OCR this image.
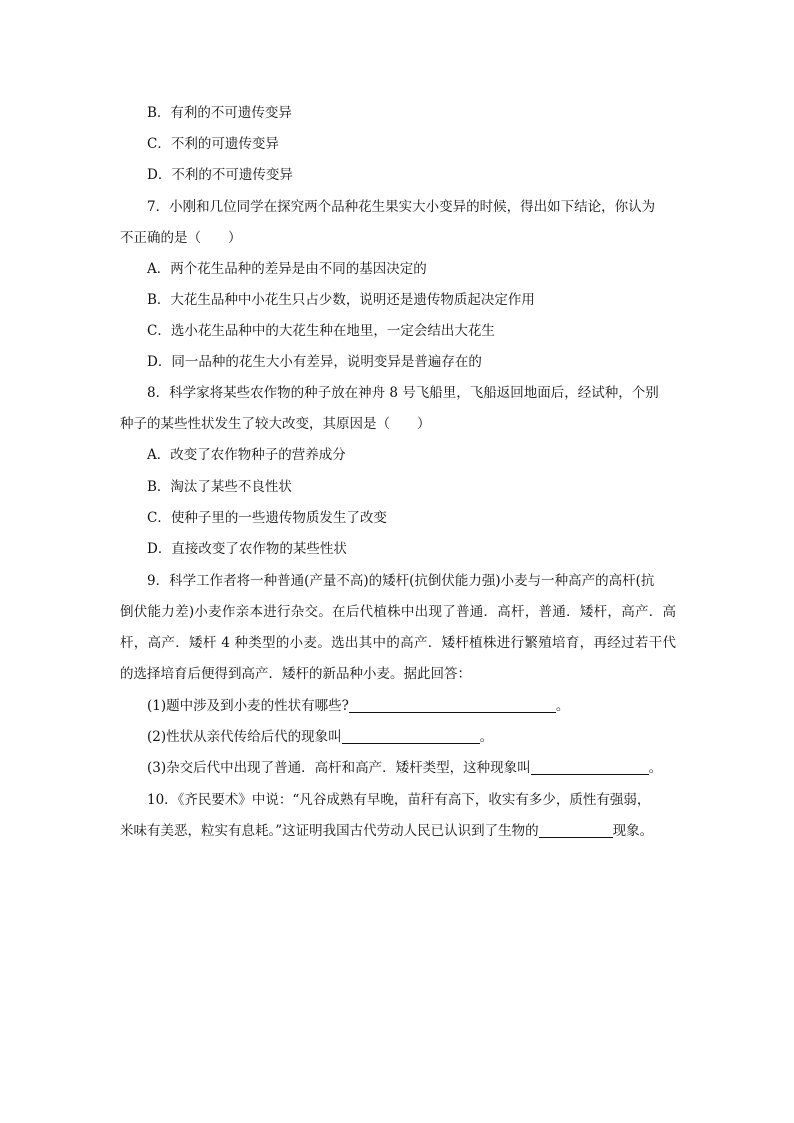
B．有利的不可遗传变异
C．不利的可遗传变异
D．不利的不可遗传变异
7．小刚和几位同学在探究两个品种花生果实大小变异的时候，得出如下结论，你认为
不正确的是（　　）
A．两个花生品种的差异是由不同的基因决定的
B．大花生品种中小花生只占少数，说明还是遗传物质起决定作用
C．选小花生品种中的大花生种在地里，一定会结出大花生
D．同一品种的花生大小有差异，说明变异是普遍存在的
8．科学家将某些农作物的种子放在神舟 8 号飞船里，飞船返回地面后，经试种，个别
种子的某些性状发生了较大改变，其原因是（　　）
A．改变了农作物种子的营养成分
B．淘汰了某些不良性状
C．使种子里的一些遗传物质发生了改变
D．直接改变了农作物的某些性状
9．科学工作者将一种普通(产量不高)的矮杆(抗倒伏能力强)小麦与一种高产的高杆(抗
倒伏能力差)小麦作亲本进行杂交。在后代植株中出现了普通．高杆，普通．矮杆，高产．高
杆，高产．矮杆 4 种类型的小麦。选出其中的高产．矮杆植株进行繁殖培育，再经过若干代
的选择培育后便得到高产．矮杆的新品种小麦。据此回答：
(1)题中涉及到小麦的性状有哪些?	。
(2)性状从亲代传给后代的现象叫	。
(3)杂交后代中出现了普通．高杆和高产．矮杆类型，这种现象叫	。
10．《齐民要术》中说：“凡谷成熟有早晚，苗秆有高下，收实有多少，质性有强弱，
米味有美恶，粒实有息耗。”这证明我国古代劳动人民已认识到了生物的	现象。
